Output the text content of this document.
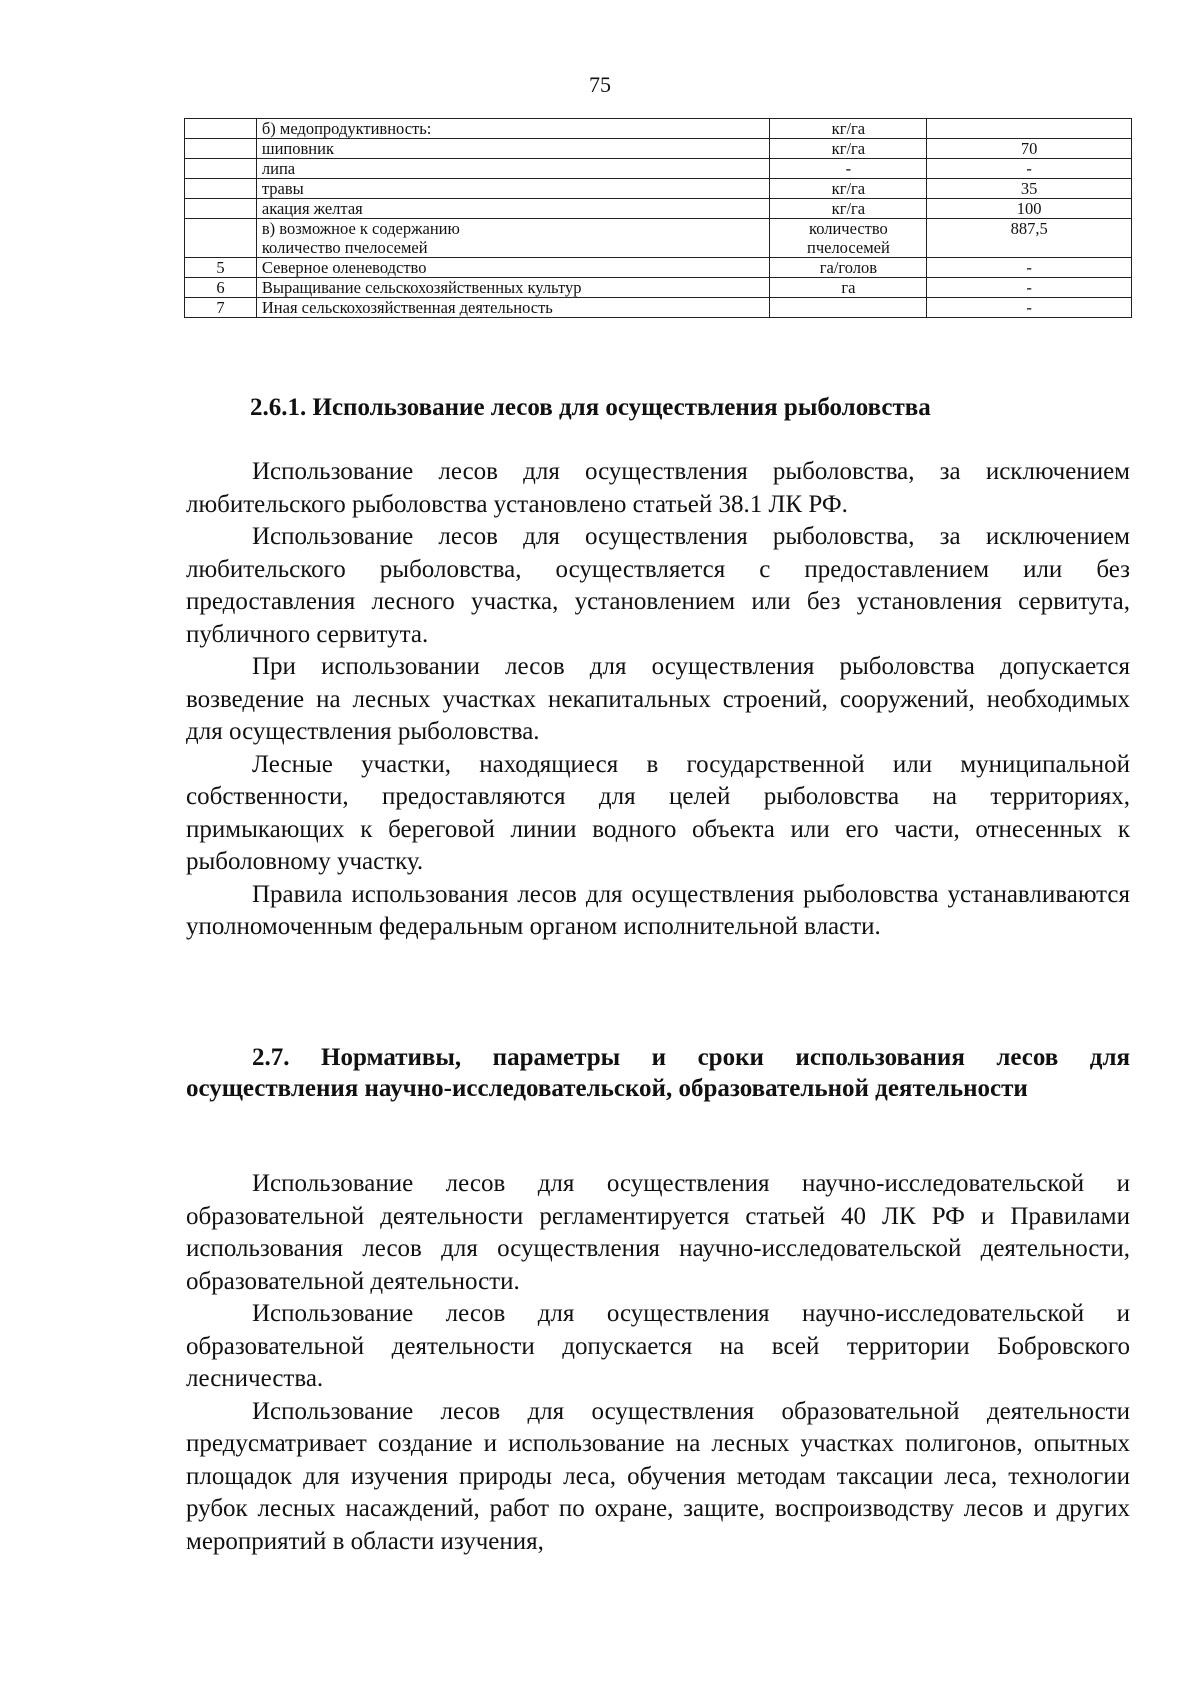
75
	б) медопродуктивность:	кг/га	
	шиповник	кг/га	70
	липа	-	-
	травы	кг/га	35
	акация желтая	кг/га	100
	в) возможное к содержанию количество пчелосемей	количество пчелосемей	887,5
5	Северное оленеводство	га/голов	-
6	Выращивание сельскохозяйственных культур	га	-
7	Иная сельскохозяйственная деятельность		-
2.6.1. Использование лесов для осуществления рыболовства

Использование лесов для осуществления рыболовства, за исключением любительского рыболовства установлено статьей 38.1 ЛК РФ.

Использование лесов для осуществления рыболовства, за исключением любительского рыболовства, осуществляется с предоставлением или без предоставления лесного участка, установлением или без установления сервитута, публичного сервитута.

При использовании лесов для осуществления рыболовства допускается возведение на лесных участках некапитальных строений, сооружений, необходимых для осуществления рыболовства.

Лесные участки, находящиеся в государственной или муниципальной собственности, предоставляются для целей рыболовства на территориях, примыкающих к береговой линии водного объекта или его части, отнесенных к рыболовному участку.

Правила использования лесов для осуществления рыболовства устанавливаются уполномоченным федеральным органом исполнительной власти.

2.7. Нормативы, параметры и сроки использования лесов для осуществления научно-исследовательской, образовательной деятельности

Использование лесов для осуществления научно-исследовательской и образовательной деятельности регламентируется статьей 40 ЛК РФ и Правилами использования лесов для осуществления научно-исследовательской деятельности, образовательной деятельности.

Использование лесов для осуществления научно-исследовательской и образовательной деятельности допускается на всей территории Бобровского лесничества.

Использование лесов для осуществления образовательной деятельности предусматривает создание и использование на лесных участках полигонов, опытных площадок для изучения природы леса, обучения методам таксации леса, технологии рубок лесных насаждений, работ по охране, защите, воспроизводству лесов и других мероприятий в области изучения,
